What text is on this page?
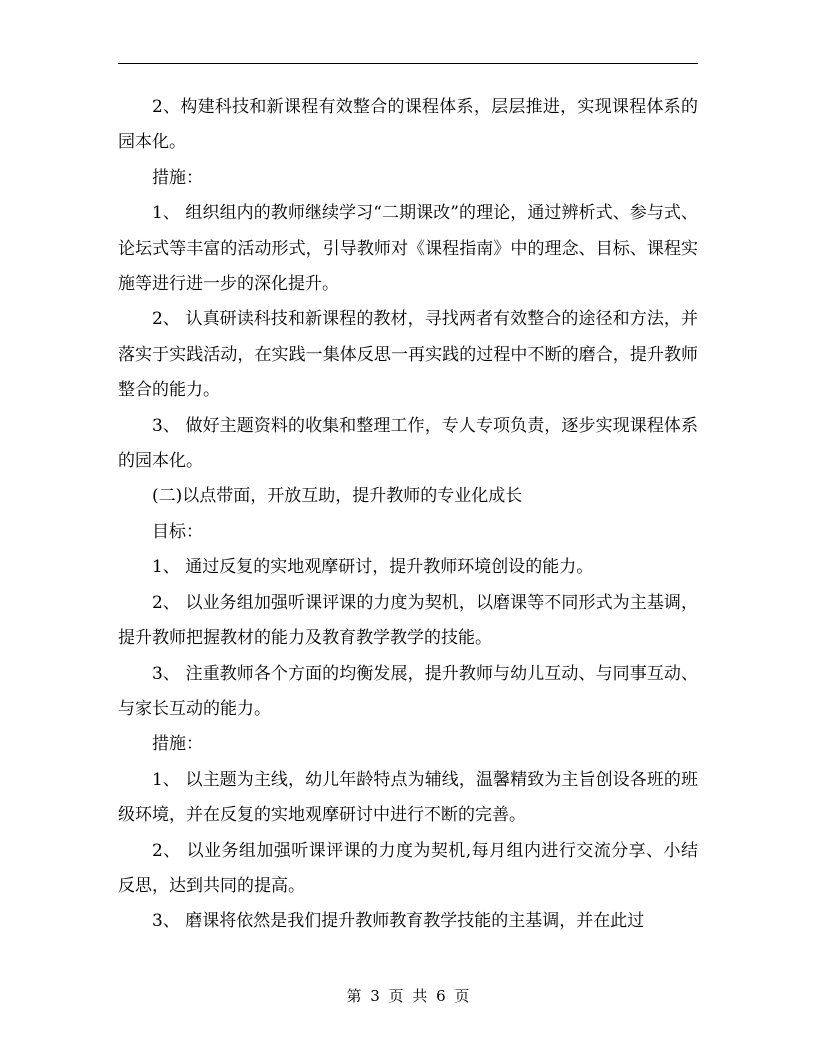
2、构建科技和新课程有效整合的课程体系，层层推进，实现课程体系的园本化。

措施：

1、 组织组内的教师继续学习“二期课改”的理论，通过辨析式、参与式、论坛式等丰富的活动形式，引导教师对《课程指南》中的理念、目标、课程实施等进行进一步的深化提升。

2、 认真研读科技和新课程的教材，寻找两者有效整合的途径和方法，并落实于实践活动，在实践一集体反思一再实践的过程中不断的磨合，提升教师整合的能力。

3、 做好主题资料的收集和整理工作，专人专项负责，逐步实现课程体系的园本化。

(二)以点带面，开放互助，提升教师的专业化成长

目标：

1、 通过反复的实地观摩研讨，提升教师环境创设的能力。

2、 以业务组加强听课评课的力度为契机，以磨课等不同形式为主基调，提升教师把握教材的能力及教育教学教学的技能。

3、 注重教师各个方面的均衡发展，提升教师与幼儿互动、与同事互动、与家长互动的能力。

措施：

1、 以主题为主线，幼儿年龄特点为辅线，温馨精致为主旨创设各班的班级环境，并在反复的实地观摩研讨中进行不断的完善。

2、 以业务组加强听课评课的力度为契机,每月组内进行交流分享、小结反思，达到共同的提高。

3、 磨课将依然是我们提升教师教育教学技能的主基调，并在此过

第 3 页 共 6 页
